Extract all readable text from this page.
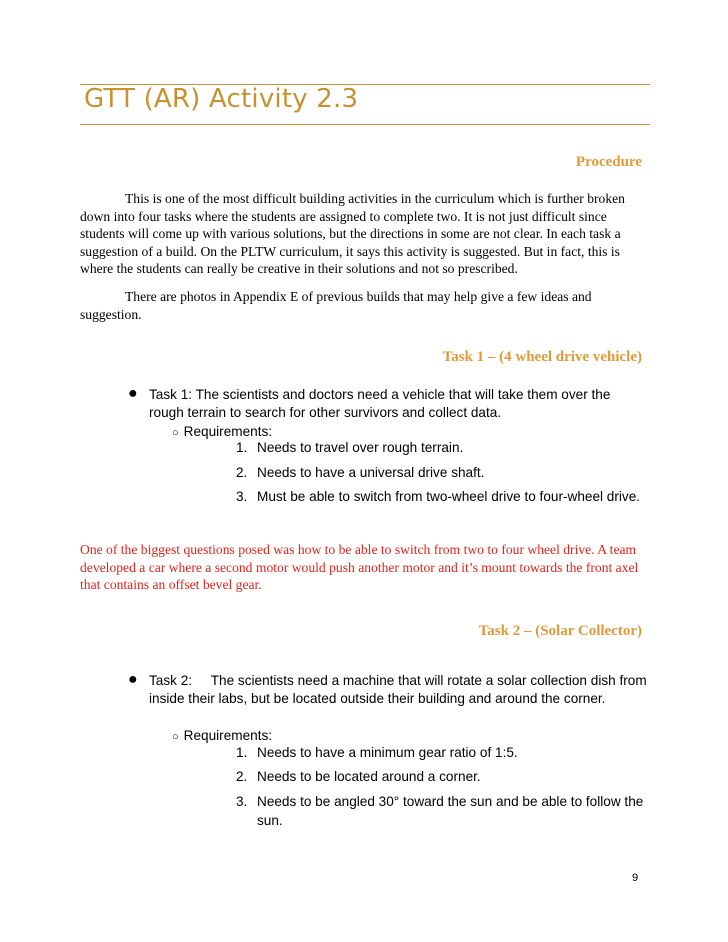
GTT (AR) Activity 2.3
Procedure

This is one of the most difficult building activities in the curriculum which is further broken down into four tasks where the students are assigned to complete two. It is not just difficult since students will come up with various solutions, but the directions in some are not clear. In each task a suggestion of a build. On the PLTW curriculum, it says this activity is suggested. But in fact, this is where the students can really be creative in their solutions and not so prescribed.

There are photos in Appendix E of previous builds that may help give a few ideas and suggestion.

Task 1 – (4 wheel drive vehicle)
● Task 1: The scientists and doctors need a vehicle that will take them over the rough terrain to search for other survivors and collect data.
○ Requirements:
1. Needs to travel over rough terrain.
2. Needs to have a universal drive shaft.
3. Must be able to switch from two-wheel drive to four-wheel drive.

One of the biggest questions posed was how to be able to switch from two to four wheel drive. A team developed a car where a second motor would push another motor and it’s mount towards the front axel that contains an offset bevel gear.

Task 2 – (Solar Collector)
● Task 2:     The scientists need a machine that will rotate a solar collection dish from inside their labs, but be located outside their building and around the corner.
○ Requirements:
1. Needs to have a minimum gear ratio of 1:5.
2. Needs to be located around a corner.
3. Needs to be angled 30° toward the sun and be able to follow the sun.
9
